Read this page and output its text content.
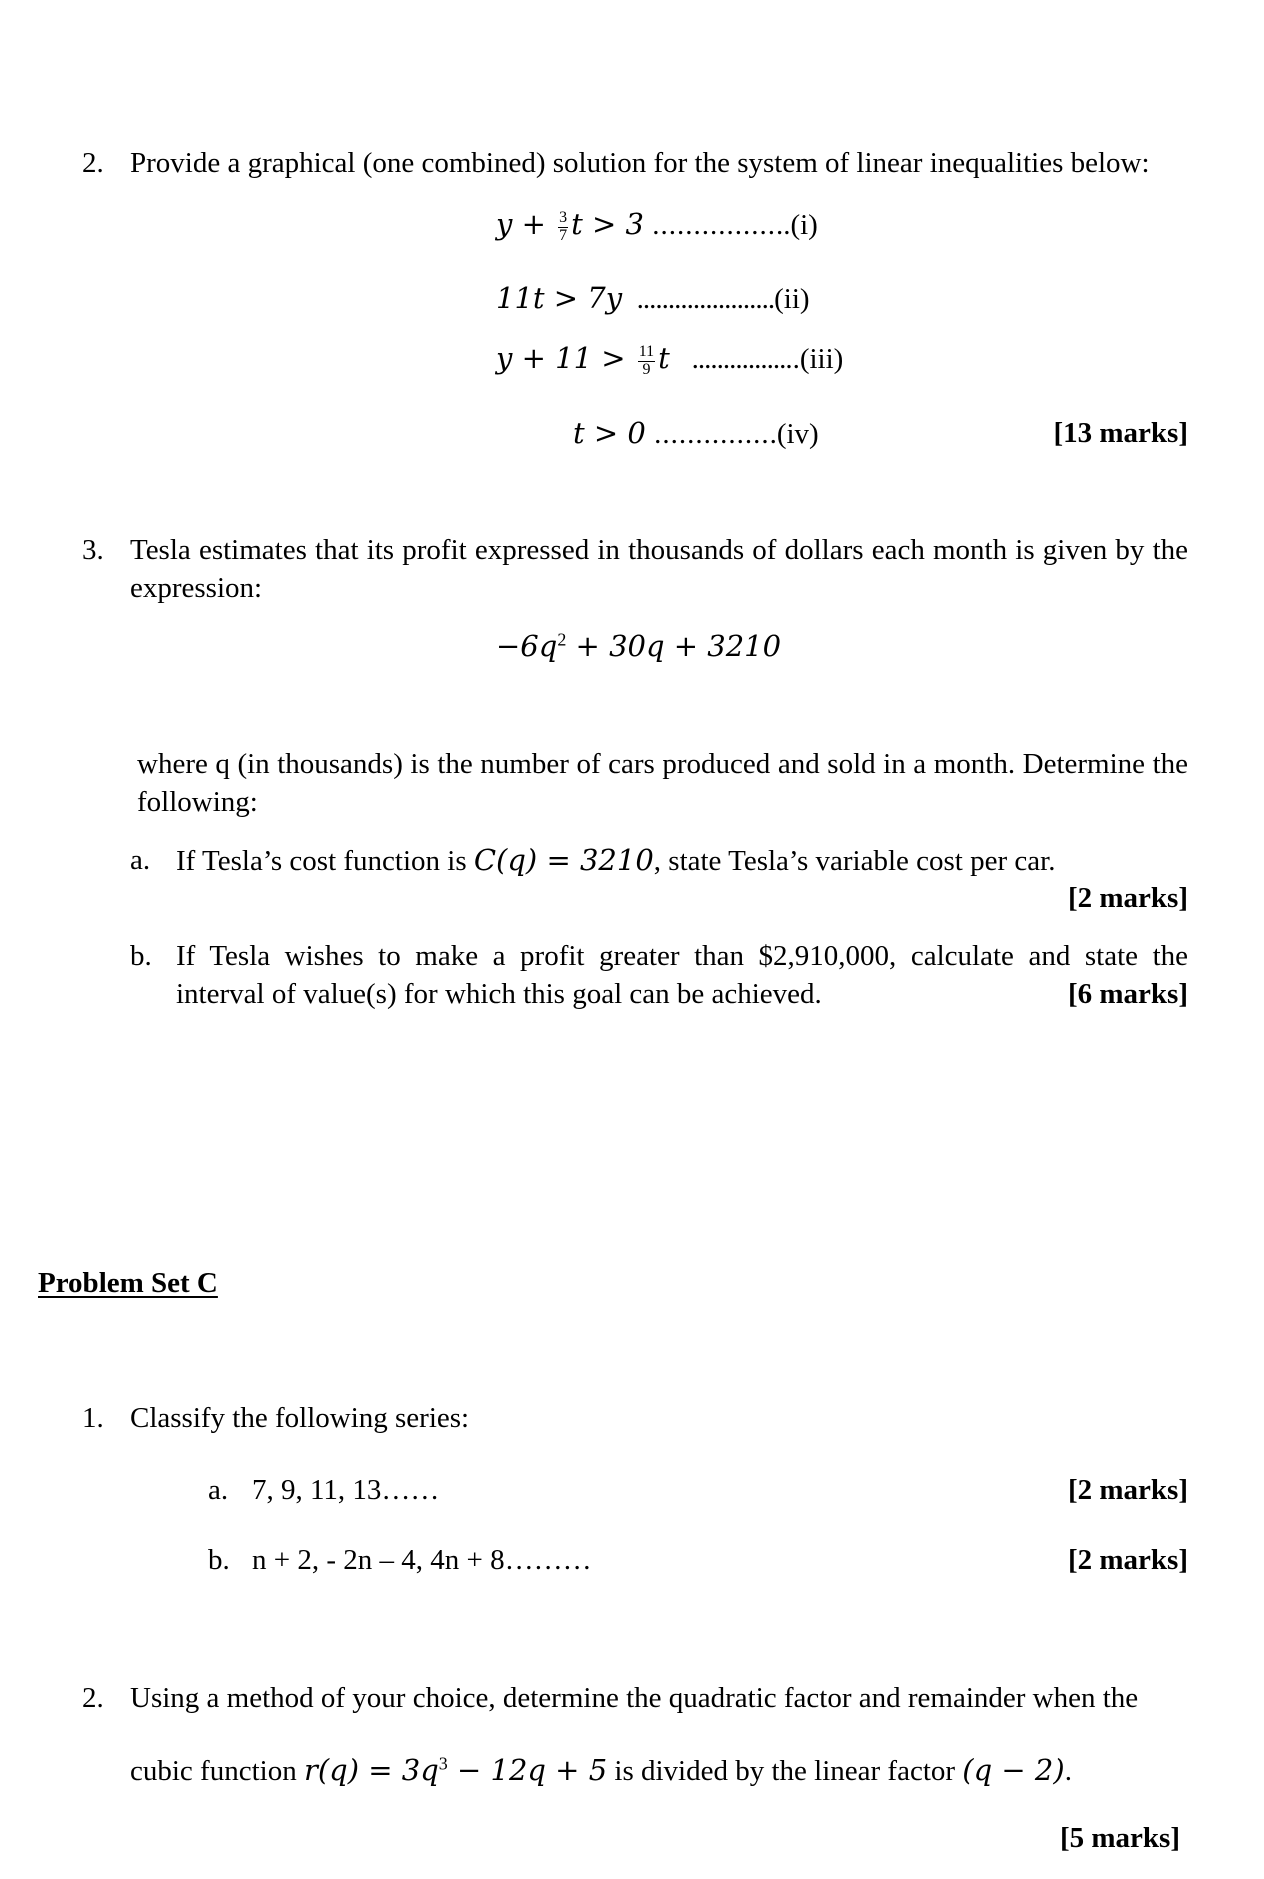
2. Provide a graphical (one combined) solution for the system of linear inequalities below:
$y + \frac{3}{7}$ t > 3 .................(i)
11t > 7y ......................(ii)
$y + 11 > \frac{11}{9}$ t .................(iii)
t > 0 ...............(iv)	[13 marks]
3. Tesla estimates that its profit expressed in thousands of dollars each month is given by the expression:
$-6q^2 + 30q + 3210$
where q (in thousands) is the number of cars produced and sold in a month. Determine the following:
a. If Tesla’s cost function is C(q) = 3210, state Tesla’s variable cost per car.
[2 marks]
b. If Tesla wishes to make a profit greater than $2,910,000, calculate and state the interval of value(s) for which this goal can be achieved.	[6 marks]
Problem Set C
1. Classify the following series:
a. 7, 9, 11, 13……	[2 marks]
b. n + 2, - 2n – 4, 4n + 8………	[2 marks]
2. Using a method of your choice, determine the quadratic factor and remainder when the
cubic function $r(q) = 3q^3 - 12q + 5$ is divided by the linear factor (q − 2).
[5 marks]
